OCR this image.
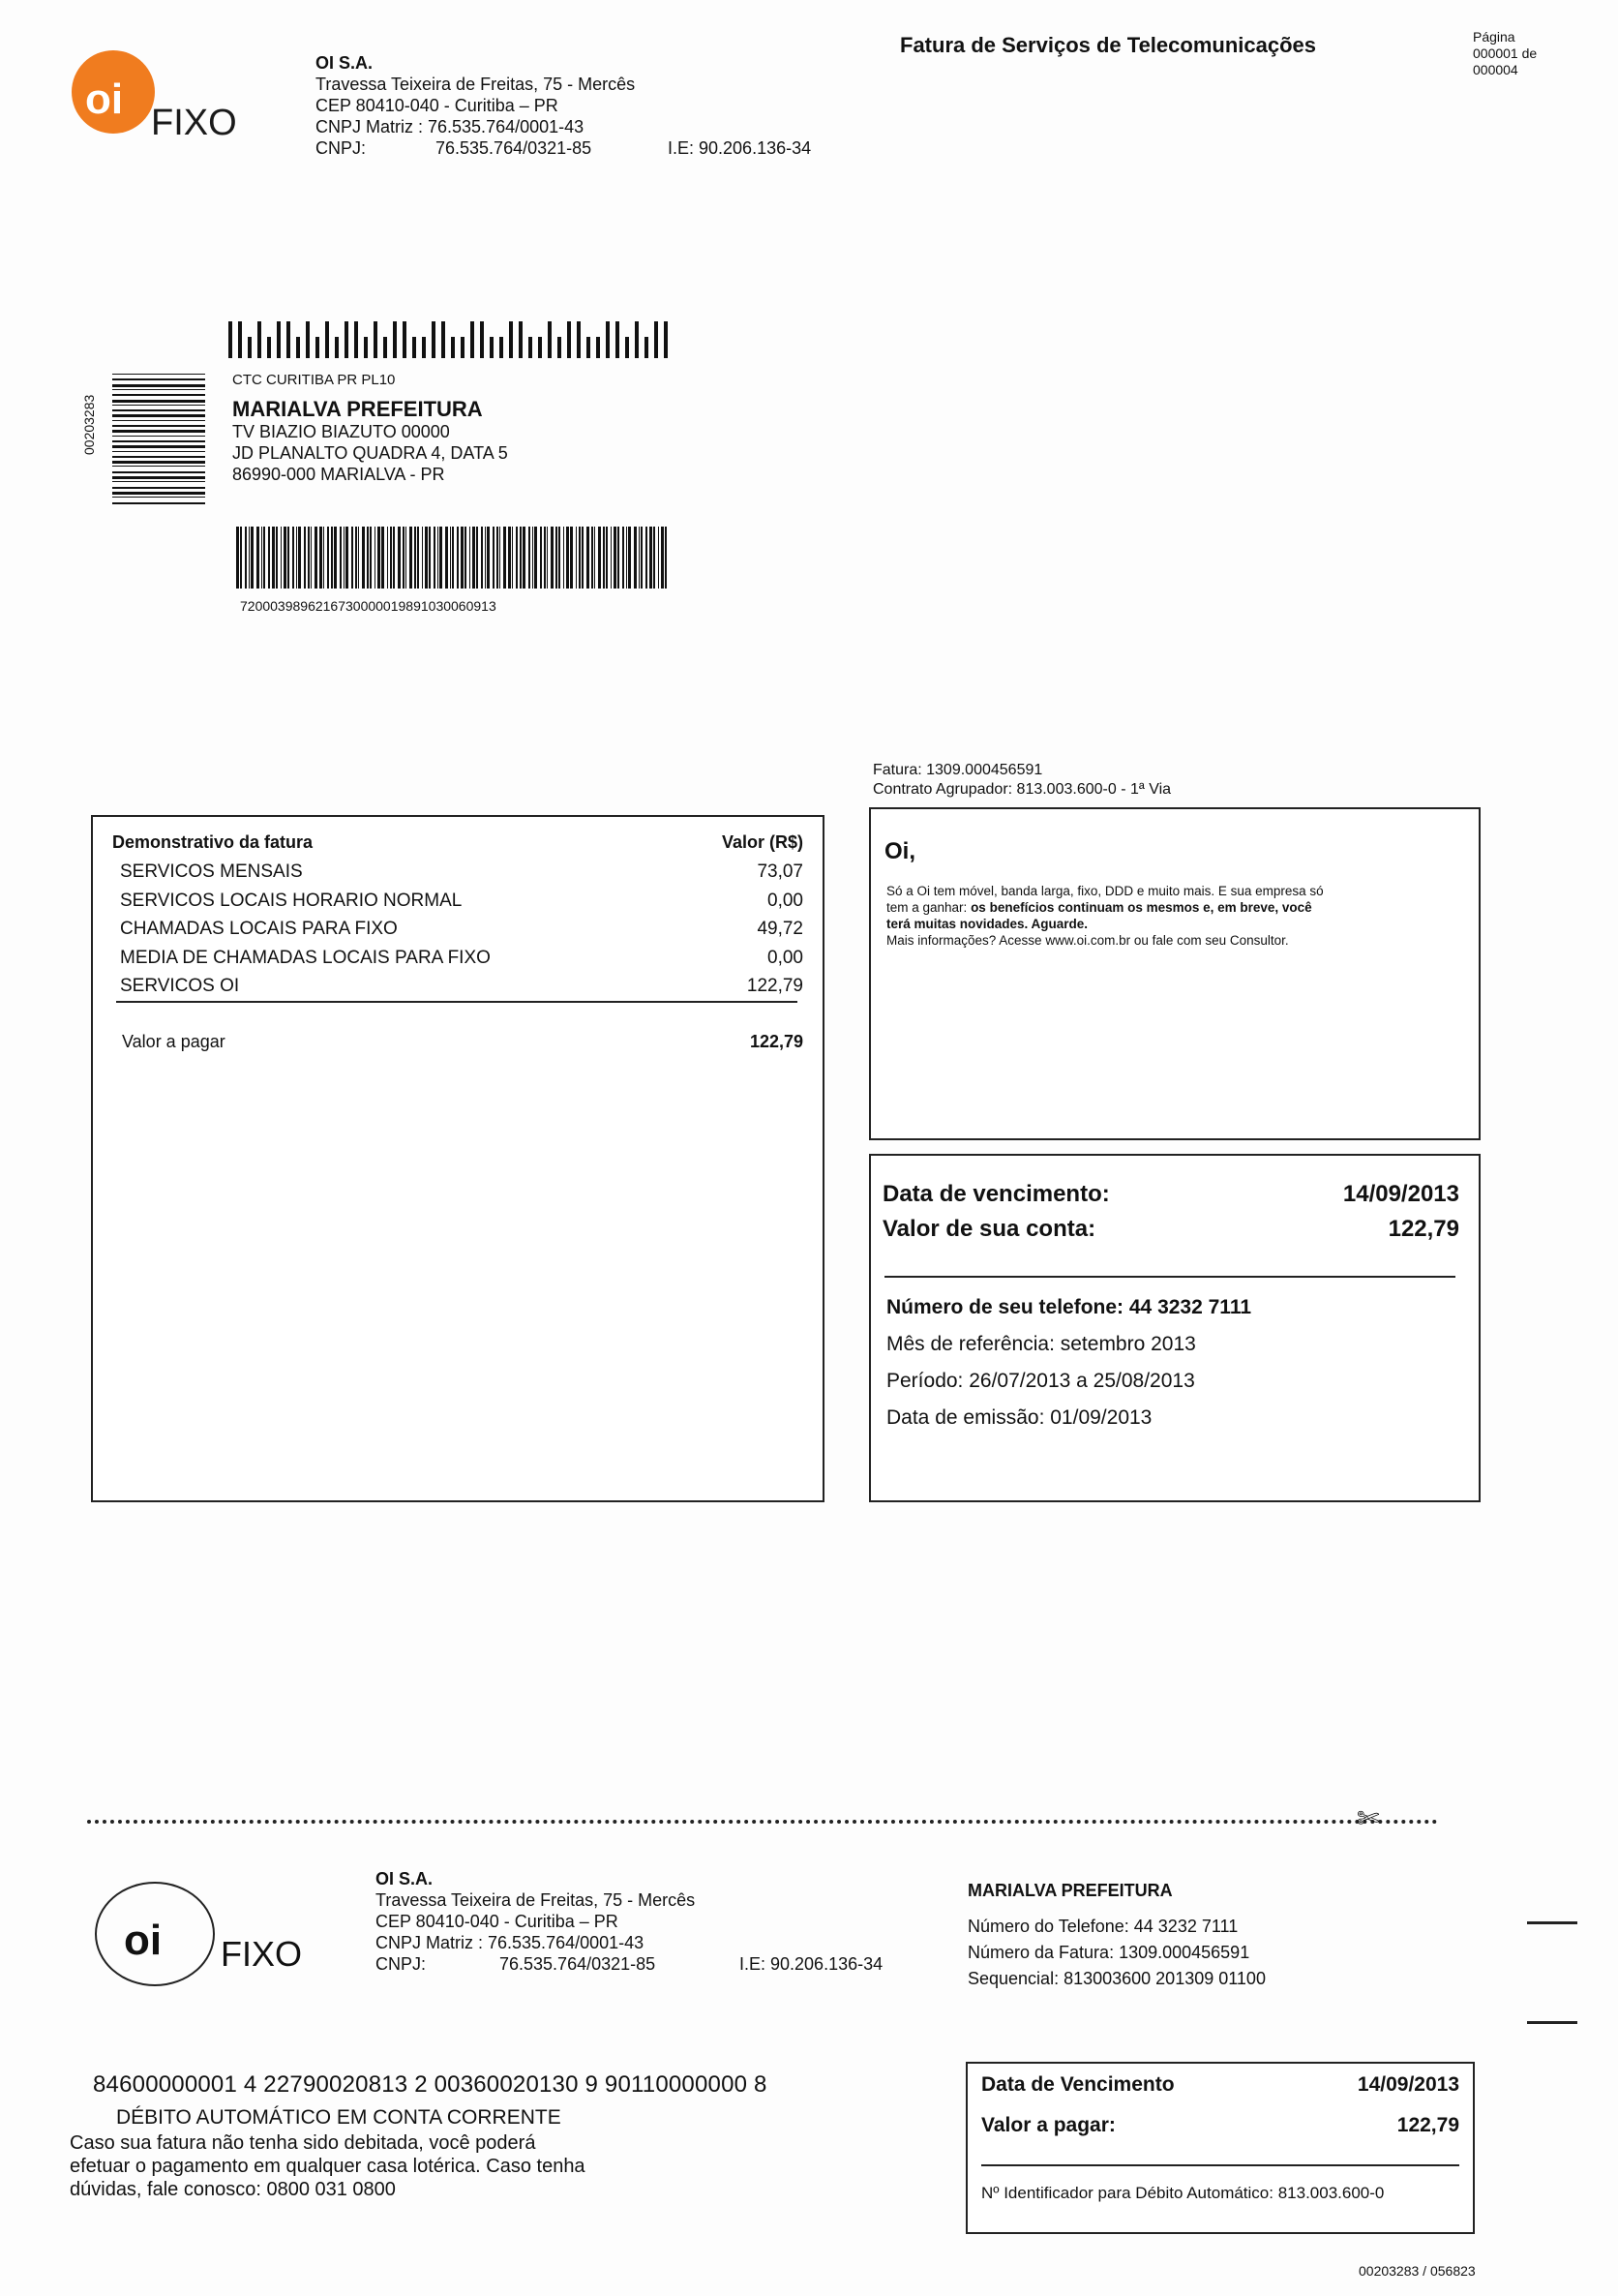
oi FIXO
OI S.A.
Travessa Teixeira de Freitas, 75 - Mercês
CEP 80410-040 - Curitiba – PR
CNPJ Matriz : 76.535.764/0001-43
CNPJ:	76.535.764/0321-85	I.E: 90.206.136-34
Fatura de Serviços de Telecomunicações	Página
000001 de
000004
00203283
CTC CURITIBA PR PL10
MARIALVA PREFEITURA
TV BIAZIO BIAZUTO 00000
JD PLANALTO QUADRA 4, DATA 5
86990-000 MARIALVA - PR
7200039896216730000019891030060913
Fatura: 1309.000456591
Contrato Agrupador: 813.003.600-0 - 1ª Via
Demonstrativo da fatura	Valor (R$)
SERVICOS MENSAIS	73,07
SERVICOS LOCAIS HORARIO NORMAL	0,00
CHAMADAS LOCAIS PARA FIXO	49,72
MEDIA DE CHAMADAS LOCAIS PARA FIXO	0,00
SERVICOS OI	122,79
Valor a pagar	122,79
Oi,
Só a Oi tem móvel, banda larga, fixo, DDD e muito mais. E sua empresa só
tem a ganhar: os benefícios continuam os mesmos e, em breve, você
terá muitas novidades. Aguarde.
Mais informações? Acesse www.oi.com.br ou fale com seu Consultor.
Data de vencimento:	14/09/2013
Valor de sua conta:	122,79
Número de seu telefone: 44 3232 7111
Mês de referência: setembro 2013
Período: 26/07/2013 a 25/08/2013
Data de emissão: 01/09/2013
✄
oi FIXO
OI S.A.
Travessa Teixeira de Freitas, 75 - Mercês
CEP 80410-040 - Curitiba – PR
CNPJ Matriz : 76.535.764/0001-43
CNPJ:	76.535.764/0321-85	I.E: 90.206.136-34
MARIALVA PREFEITURA
Número do Telefone: 44 3232 7111
Número da Fatura: 1309.000456591
Sequencial: 813003600 201309 01100
84600000001 4 22790020813 2 00360020130 9 90110000000 8
DÉBITO AUTOMÁTICO EM CONTA CORRENTE
Caso sua fatura não tenha sido debitada, você poderá
efetuar o pagamento em qualquer casa lotérica. Caso tenha
dúvidas, fale conosco: 0800 031 0800
Data de Vencimento	14/09/2013
Valor a pagar:	122,79
Nº Identificador para Débito Automático: 813.003.600-0
00203283 / 056823
